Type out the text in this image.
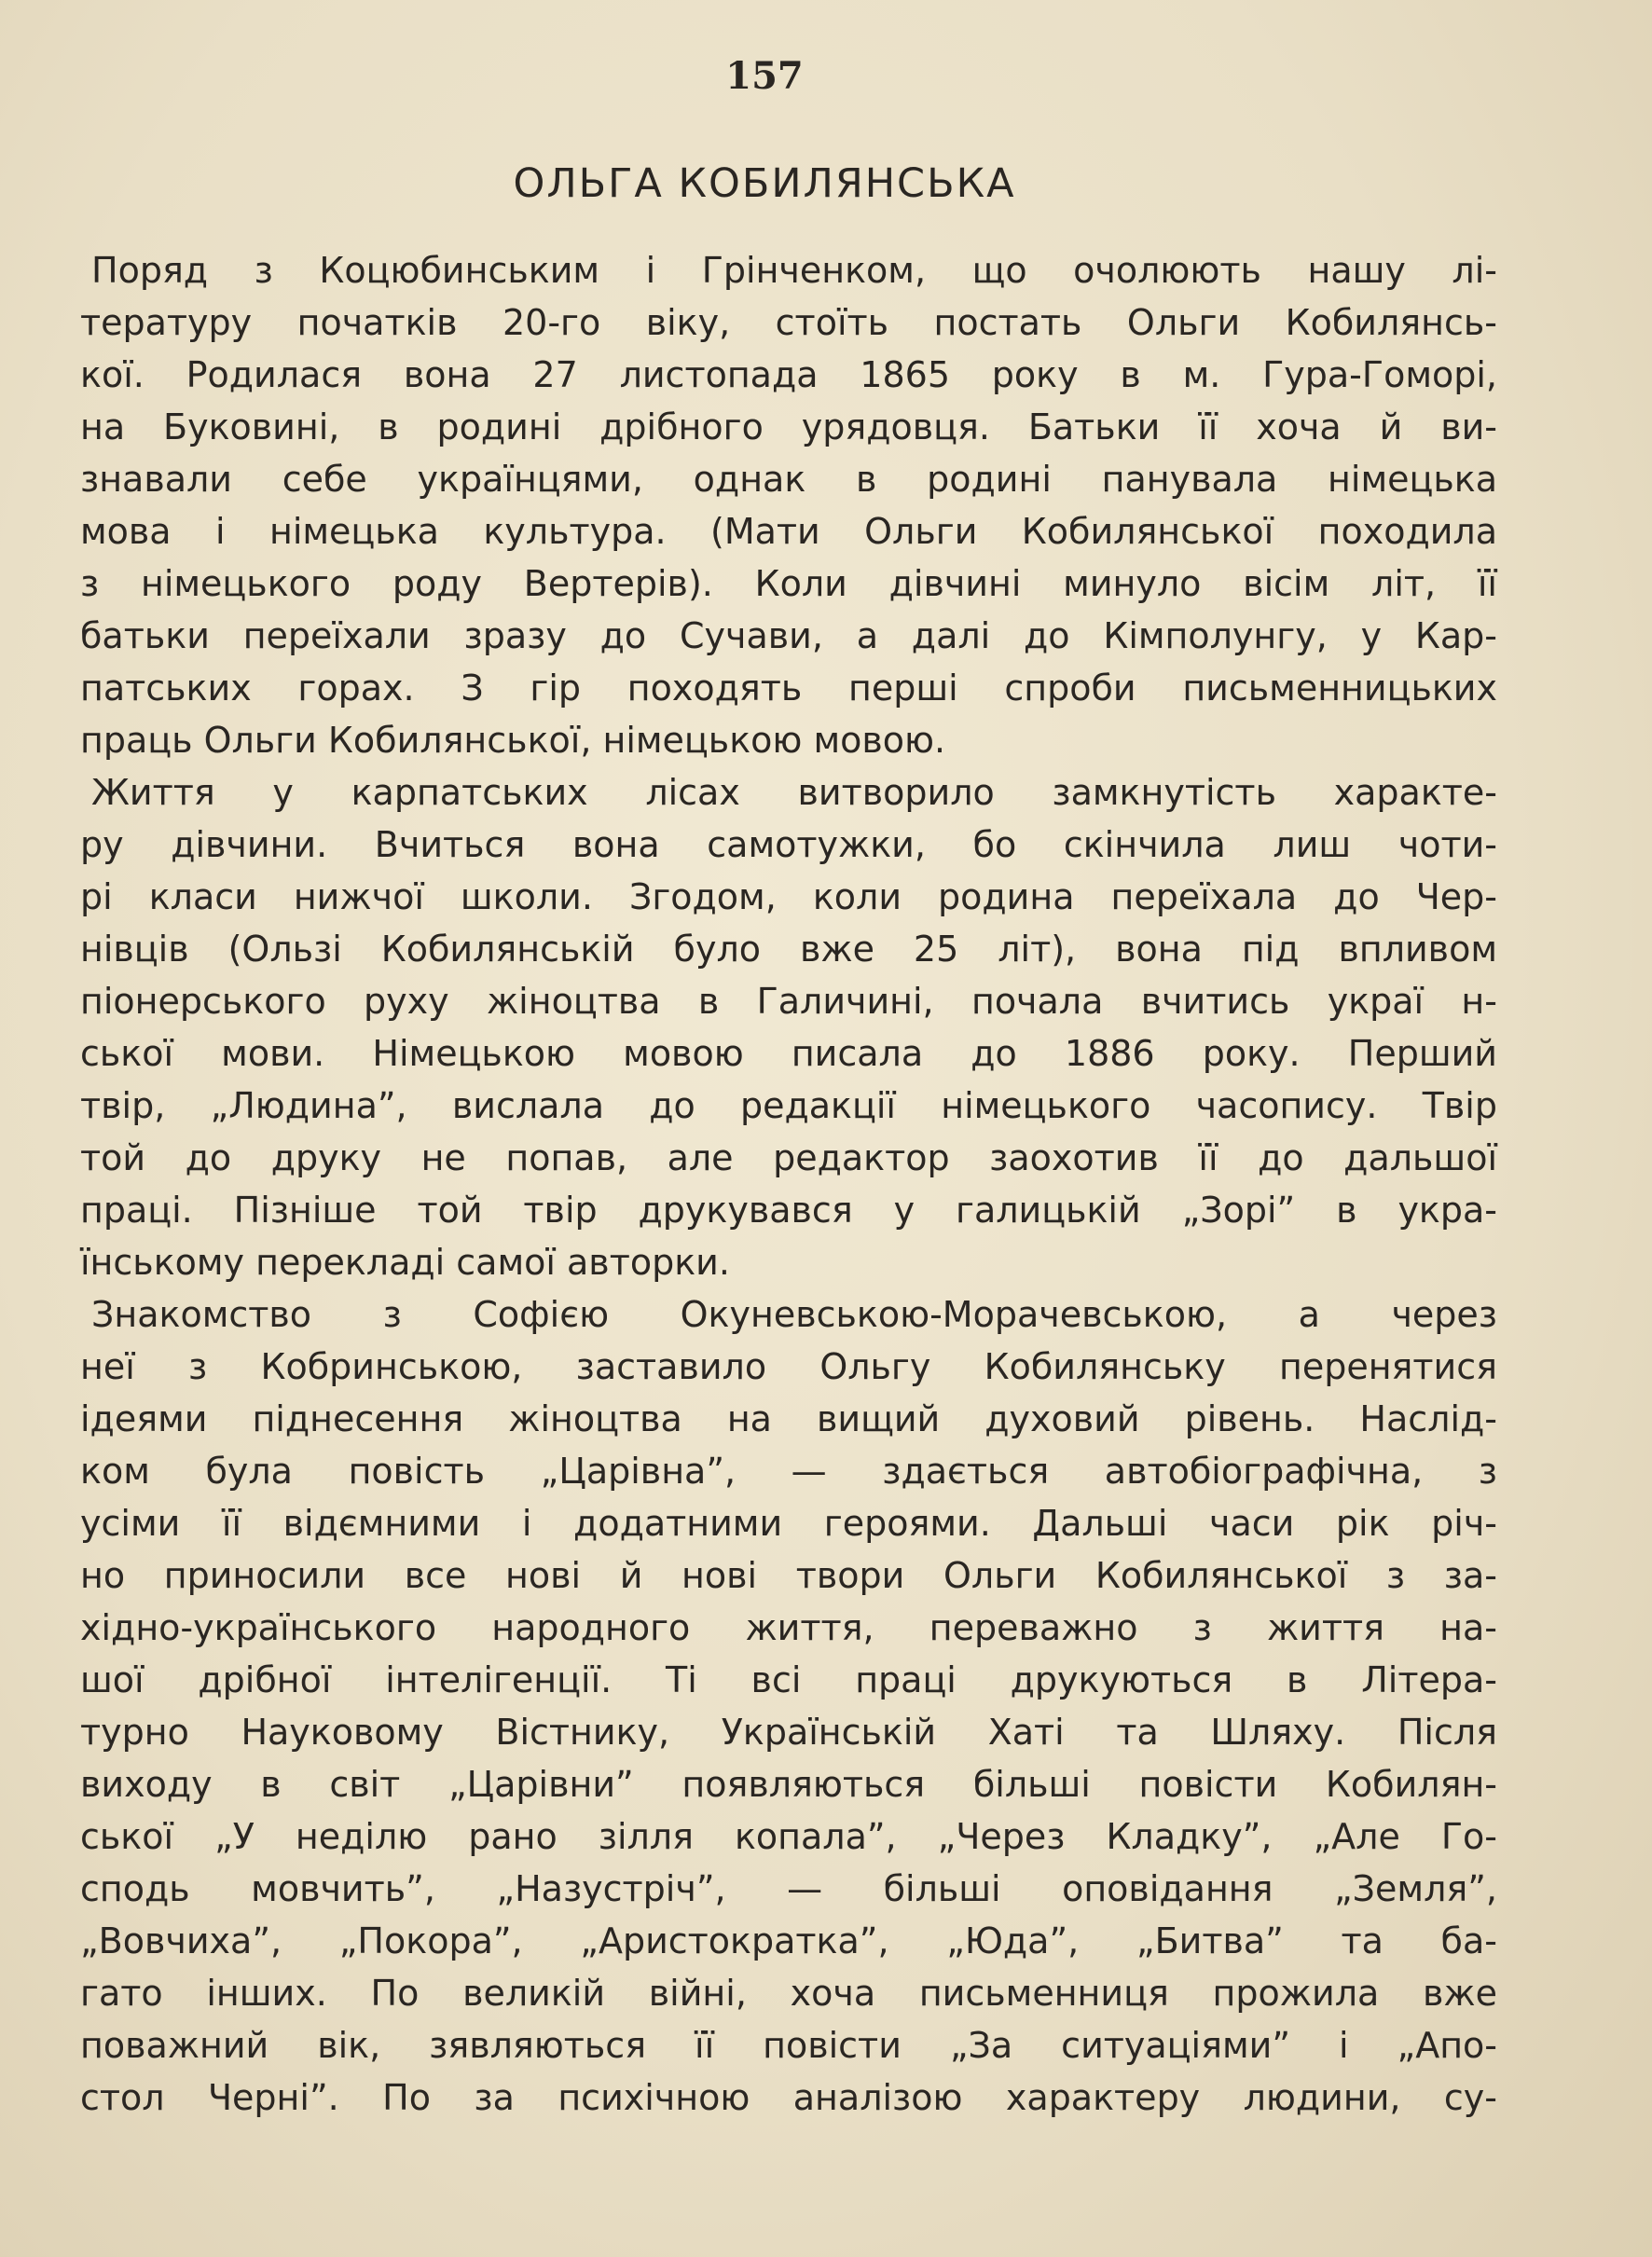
157
ОЛЬГА КОБИЛЯНСЬКА
Поряд з Коцюбинським і Грінченком, що очолюють нашу лі-
тературу початків 20-го віку, стоїть постать Ольги Кобилянсь-
кої. Родилася вона 27 листопада 1865 року в м. Гура-Гоморі,
на Буковині, в родині дрібного урядовця. Батьки її хоча й ви-
знавали себе українцями, однак в родині панувала німецька
мова і німецька культура. (Мати Ольги Кобилянської походила
з німецького роду Вертерів). Коли дівчині минуло вісім літ, її
батьки переїхали зразу до Сучави, а далі до Кімполунгу, у Кар-
патських горах. З гір походять перші спроби письменницьких
праць Ольги Кобилянської, німецькою мовою.
Життя у карпатських лісах витворило замкнутість характе-
ру дівчини. Вчиться вона самотужки, бо скінчила лиш чоти-
рі класи нижчої школи. Згодом, коли родина переїхала до Чер-
нівців (Ользі Кобилянській було вже 25 літ), вона під впливом
піонерського руху жіноцтва в Галичині, почала вчитись украї н-
ської мови. Німецькою мовою писала до 1886 року. Перший
твір, „Людина”, вислала до редакції німецького часопису. Твір
той до друку не попав, але редактор заохотив її до дальшої
праці. Пізніше той твір друкувався у галицькій „Зорі” в укра-
їнському перекладі самої авторки.
Знакомство з Софією Окуневською-Морачевською, а через
неї з Кобринською, заставило Ольгу Кобилянську перенятися
ідеями піднесення жіноцтва на вищий духовий рівень. Наслід-
ком була повість „Царівна”, — здається автобіографічна, з
усіми її відємними і додатними героями. Дальші часи рік річ-
но приносили все нові й нові твори Ольги Кобилянської з за-
хідно-українського народного життя, переважно з життя на-
шої дрібної інтелігенції. Ті всі праці друкуються в Літера-
турно Науковому Вістнику, Українській Хаті та Шляху. Після
виходу в світ „Царівни” появляються більші повісти Кобилян-
ської „У неділю рано зілля копала”, „Через Кладку”, „Але Го-
сподь мовчить”, „Назустріч”, — більші оповідання „Земля”,
„Вовчиха”, „Покора”, „Аристократка”, „Юда”, „Битва” та ба-
гато інших. По великій війні, хоча письменниця прожила вже
поважний вік, зявляються її повісти „За ситуаціями” і „Апо-
стол Черні”. По за психічною аналізою характеру людини, су-
